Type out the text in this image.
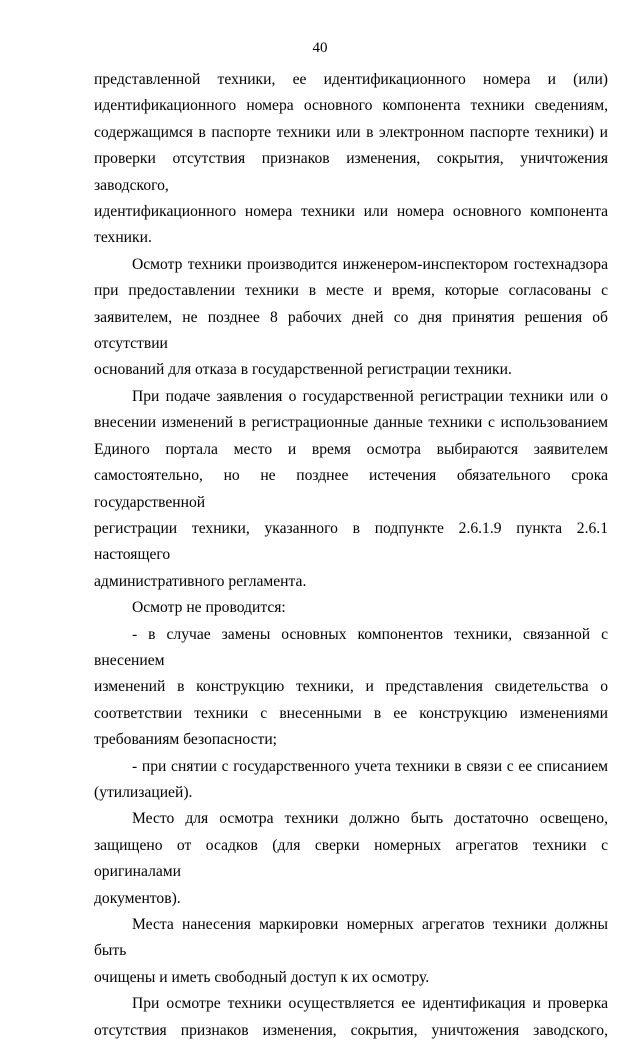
40

представленной техники, ее идентификационного номера и (или)
идентификационного номера основного компонента техники сведениям,
содержащимся в паспорте техники или в электронном паспорте техники) и
проверки отсутствия признаков изменения, сокрытия, уничтожения заводского,
идентификационного номера техники или номера основного компонента
техники.

Осмотр техники производится инженером-инспектором гостехнадзора
при предоставлении техники в месте и время, которые согласованы с
заявителем, не позднее 8 рабочих дней со дня принятия решения об отсутствии
оснований для отказа в государственной регистрации техники.

При подаче заявления о государственной регистрации техники или о
внесении изменений в регистрационные данные техники с использованием
Единого портала место и время осмотра выбираются заявителем
самостоятельно, но не позднее истечения обязательного срока государственной
регистрации техники, указанного в подпункте 2.6.1.9 пункта 2.6.1 настоящего
административного регламента.

Осмотр не проводится:

- в случае замены основных компонентов техники, связанной с внесением
изменений в конструкцию техники, и представления свидетельства о
соответствии техники с внесенными в ее конструкцию изменениями
требованиям безопасности;

- при снятии с государственного учета техники в связи с ее списанием
(утилизацией).

Место для осмотра техники должно быть достаточно освещено,
защищено от осадков (для сверки номерных агрегатов техники с оригиналами
документов).

Места нанесения маркировки номерных агрегатов техники должны быть
очищены и иметь свободный доступ к их осмотру.

При осмотре техники осуществляется ее идентификация и проверка
отсутствия признаков изменения, сокрытия, уничтожения заводского,
